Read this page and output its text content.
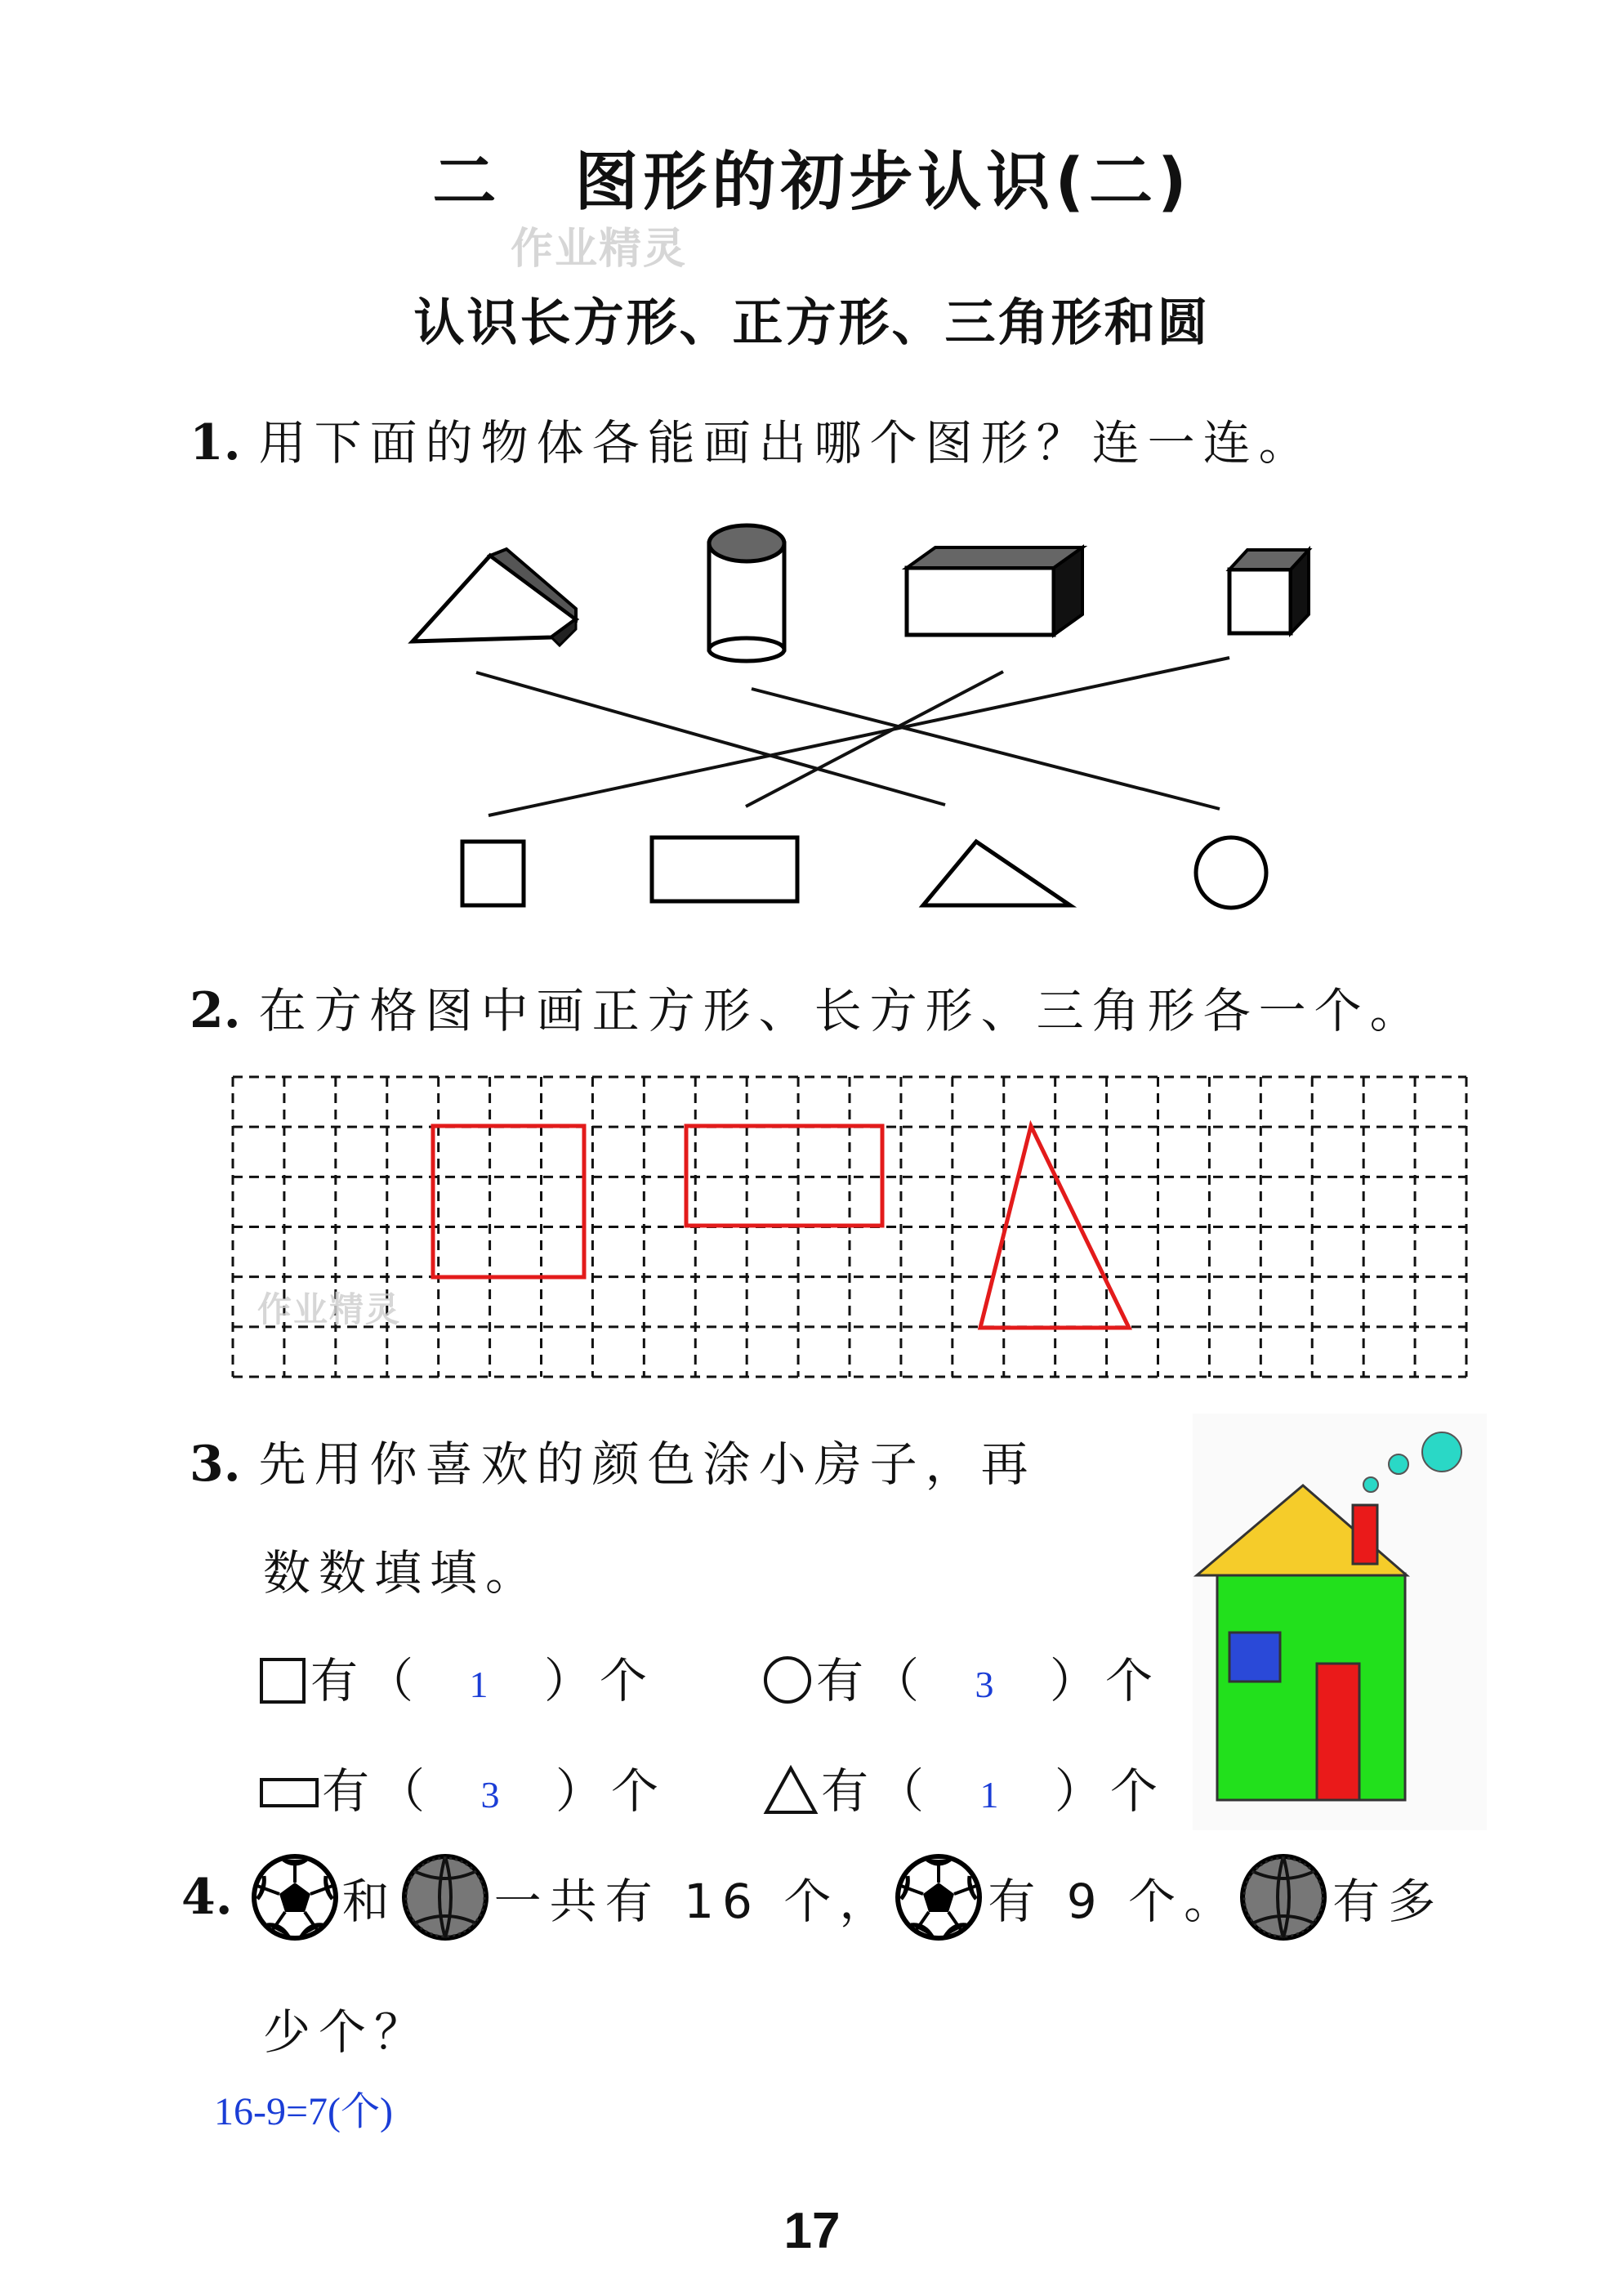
二 图形的初步认识(二)
作业精灵
认识长方形、正方形、三角形和圆
1. 用下面的物体各能画出哪个图形？连一连。
2. 在方格图中画正方形、长方形、三角形各一个。
作业精灵
3. 先用你喜欢的颜色涂小房子，再
数数填填。
有（ 1 ）个	有（ 3 ）个
有（ 3 ）个	有（ 1 ）个
4. 和 一共有 16 个， 有 9 个。 有多
少个？
16-9=7(个)
17
